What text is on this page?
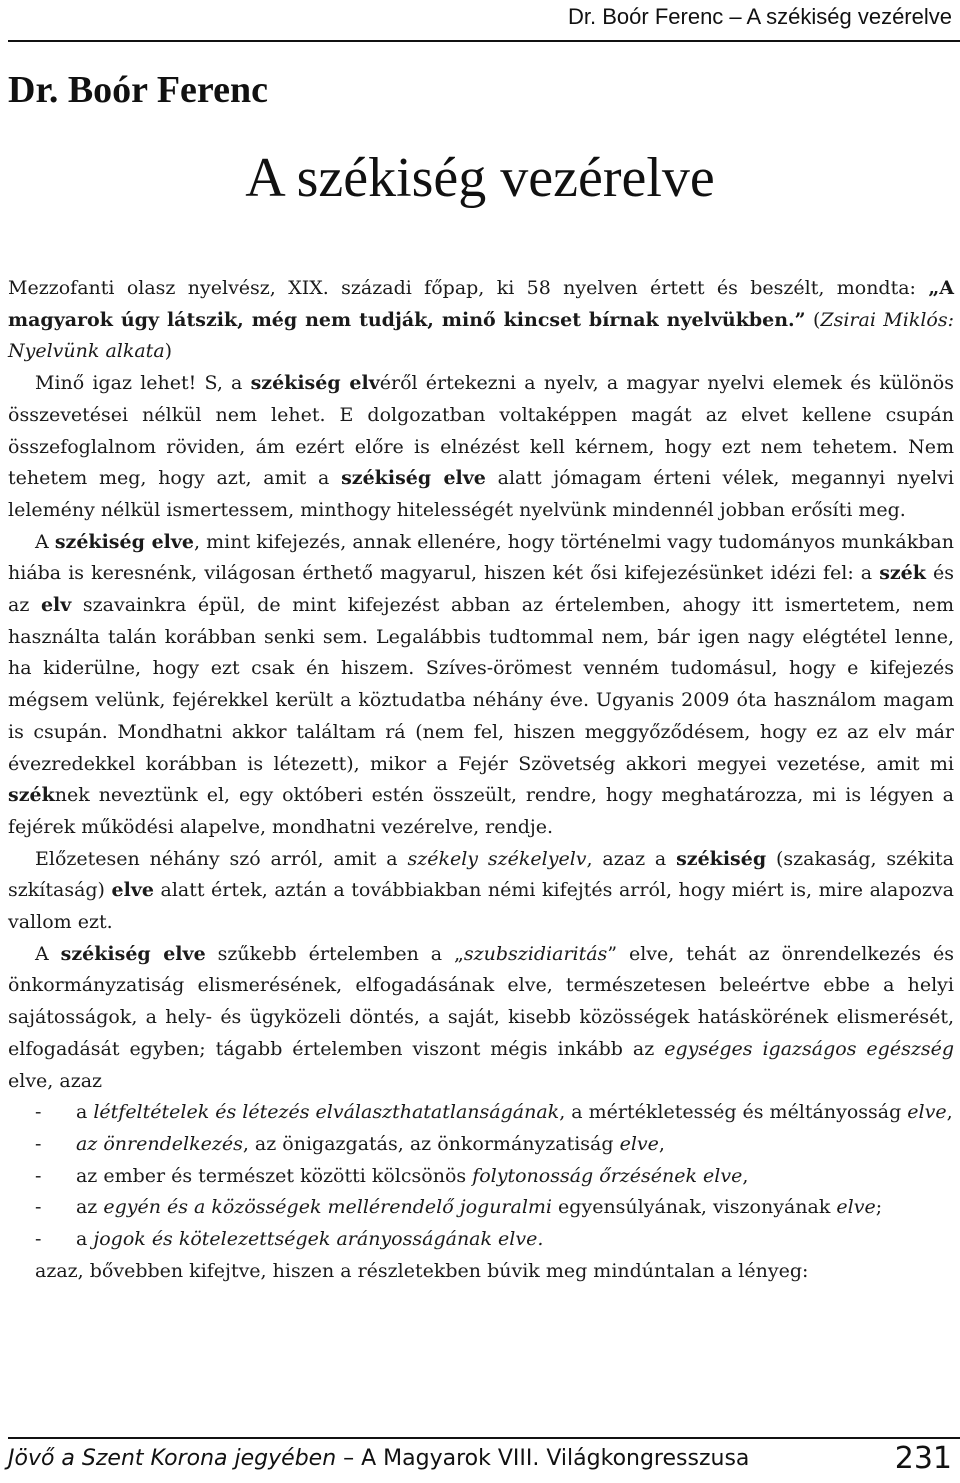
Dr. Boór Ferenc – A székiség vezérelve
Dr. Boór Ferenc
A székiség vezérelve

Mezzofanti olasz nyelvész, XIX. századi főpap, ki 58 nyelven értett és beszélt, mondta: „A magyarok úgy látszik, még nem tudják, minő kincset bírnak nyelvükben.” (Zsirai Miklós: Nyelvünk alkata)

Minő igaz lehet! S, a székiség elvéről értekezni a nyelv, a magyar nyelvi elemek és különös összevetései nélkül nem lehet. E dolgozatban voltaképpen magát az elvet kellene csupán összefoglalnom röviden, ám ezért előre is elnézést kell kérnem, hogy ezt nem tehetem. Nem tehetem meg, hogy azt, amit a székiség elve alatt jómagam érteni vélek, megannyi nyelvi lelemény nélkül ismertessem, minthogy hitelességét nyelvünk mindennél jobban erősíti meg.

A székiség elve, mint kifejezés, annak ellenére, hogy történelmi vagy tudományos munkákban hiába is keresnénk, világosan érthető magyarul, hiszen két ősi kifejezésünket idézi fel: a szék és az elv szavainkra épül, de mint kifejezést abban az értelemben, ahogy itt ismertetem, nem használta talán korábban senki sem. Legalábbis tudtommal nem, bár igen nagy elégtétel lenne, ha kiderülne, hogy ezt csak én hiszem. Szíves-örömest venném tudomásul, hogy e kifejezés mégsem velünk, fejérekkel került a köztudatba néhány éve. Ugyanis 2009 óta használom magam is csupán. Mondhatni akkor találtam rá (nem fel, hiszen meggyőződésem, hogy ez az elv már évezredekkel korábban is létezett), mikor a Fejér Szövetség akkori megyei vezetése, amit mi széknek neveztünk el, egy októberi estén összeült, rendre, hogy meghatározza, mi is légyen a fejérek működési alapelve, mondhatni vezérelve, rendje.

Előzetesen néhány szó arról, amit a székely székelyelv, azaz a székiség (szakaság, székita szkítaság) elve alatt értek, aztán a továbbiakban némi kifejtés arról, hogy miért is, mire alapozva vallom ezt.

A székiség elve szűkebb értelemben a „szubszidiaritás” elve, tehát az önrendelkezés és önkormányzatiság elismerésének, elfogadásának elve, természetesen beleértve ebbe a helyi sajátosságok, a hely- és ügyközeli döntés, a saját, kisebb közösségek hatáskörének elismerését, elfogadását egyben; tágabb értelemben viszont mégis inkább az egységes igazságos egészség elve, azaz

-   a létfeltételek és létezés elválaszthatatlanságának, a mértékletesség és méltányosság elve,

-   az önrendelkezés, az önigazgatás, az önkormányzatiság elve,

-   az ember és természet közötti kölcsönös folytonosság őrzésének elve,

-   az egyén és a közösségek mellérendelő joguralmi egyensúlyának, viszonyának elve;

-   a jogok és kötelezettségek arányosságának elve.

azaz, bővebben kifejtve, hiszen a részletekben búvik meg mindúntalan a lényeg:

Jövő a Szent Korona jegyében – A Magyarok VIII. Világkongresszusa	231
